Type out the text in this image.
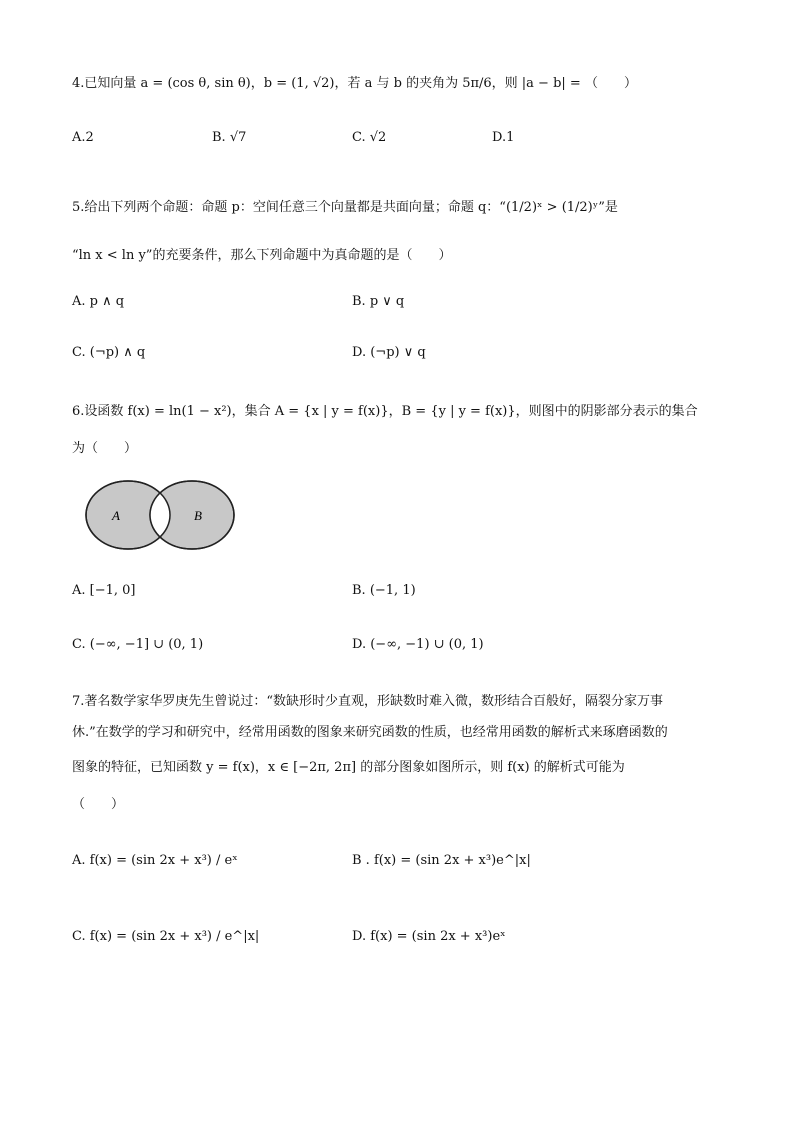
4.已知向量 a = (cos θ, sin θ)，b = (1, √2)，若 a 与 b 的夹角为 5π/6，则 |a − b| = （　　）
A.2	B. √7	C. √2	D.1
5.给出下列两个命题：命题 p：空间任意三个向量都是共面向量；命题 q：“(1/2)ˣ > (1/2)ʸ”是
“ln x < ln y”的充要条件，那么下列命题中为真命题的是（　　）
A. p ∧ q	B. p ∨ q
C. (¬p) ∧ q	D. (¬p) ∨ q
6.设函数 f(x) = ln(1 − x²)，集合 A = {x | y = f(x)}，B = {y | y = f(x)}，则图中的阴影部分表示的集合
为（　　）
A	B
A. [−1, 0]	B. (−1, 1)
C. (−∞, −1] ∪ (0, 1)	D. (−∞, −1) ∪ (0, 1)
7.著名数学家华罗庚先生曾说过：“数缺形时少直观，形缺数时难入微，数形结合百般好，隔裂分家万事
休.”在数学的学习和研究中，经常用函数的图象来研究函数的性质，也经常用函数的解析式来琢磨函数的
图象的特征，已知函数 y = f(x)，x ∈ [−2π, 2π] 的部分图象如图所示，则 f(x) 的解析式可能为
（　　）
A. f(x) = (sin 2x + x³) / eˣ	B . f(x) = (sin 2x + x³)e^|x|
C. f(x) = (sin 2x + x³) / e^|x|	D. f(x) = (sin 2x + x³)eˣ
